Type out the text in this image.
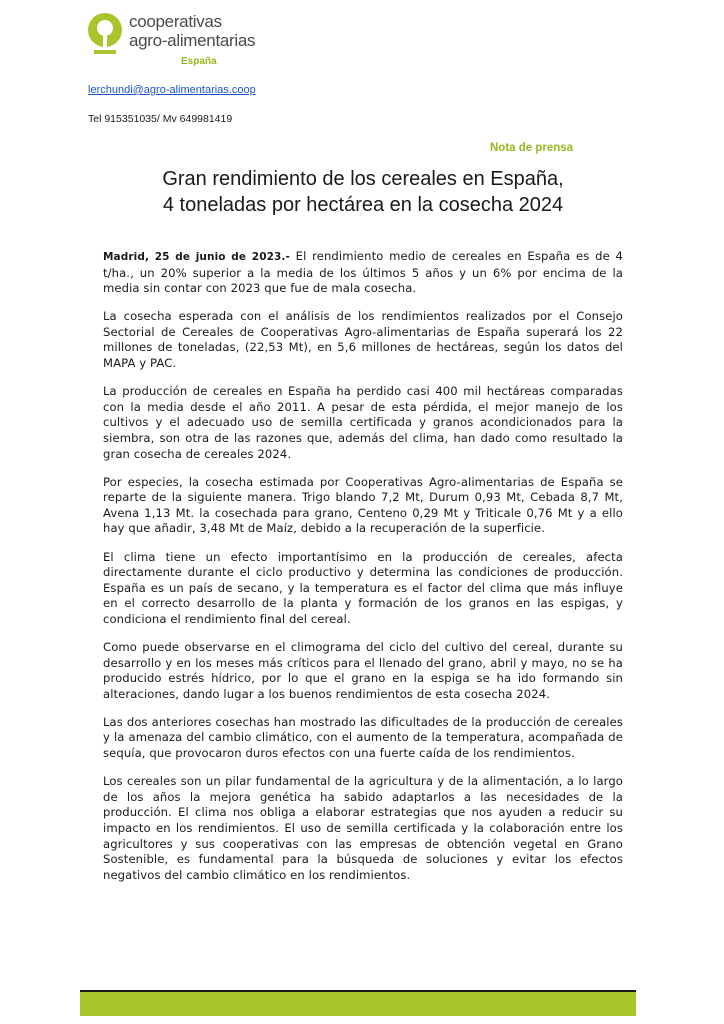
cooperativas
agro-alimentarias
España
lerchundi@agro-alimentarias.coop
Tel 915351035/ Mv 649981419
Nota de prensa
Gran rendimiento de los cereales en España,
4 toneladas por hectárea en la cosecha 2024

Madrid, 25 de junio de 2023.- El rendimiento medio de cereales en España es de 4 t/ha., un 20% superior a la media de los últimos 5 años y un 6% por encima de la media sin contar con 2023 que fue de mala cosecha.

La cosecha esperada con el análisis de los rendimientos realizados por el Consejo Sectorial de Cereales de Cooperativas Agro-alimentarias de España superará los 22 millones de toneladas, (22,53 Mt), en 5,6 millones de hectáreas, según los datos del MAPA y PAC.

La producción de cereales en España ha perdido casi 400 mil hectáreas comparadas con la media desde el año 2011. A pesar de esta pérdida, el mejor manejo de los cultivos y el adecuado uso de semilla certificada y granos acondicionados para la siembra, son otra de las razones que, además del clima, han dado como resultado la gran cosecha de cereales 2024.

Por especies, la cosecha estimada por Cooperativas Agro-alimentarias de España se reparte de la siguiente manera. Trigo blando 7,2 Mt, Durum 0,93 Mt, Cebada 8,7 Mt, Avena 1,13 Mt. la cosechada para grano, Centeno 0,29 Mt y Triticale 0,76 Mt y a ello hay que añadir, 3,48 Mt de Maíz, debido a la recuperación de la superficie.

El clima tiene un efecto importantísimo en la producción de cereales, afecta directamente durante el ciclo productivo y determina las condiciones de producción. España es un país de secano, y la temperatura es el factor del clima que más influye en el correcto desarrollo de la planta y formación de los granos en las espigas, y condiciona el rendimiento final del cereal.

Como puede observarse en el climograma del ciclo del cultivo del cereal, durante su desarrollo y en los meses más críticos para el llenado del grano, abril y mayo, no se ha producido estrés hídrico, por lo que el grano en la espiga se ha ido formando sin alteraciones, dando lugar a los buenos rendimientos de esta cosecha 2024.

Las dos anteriores cosechas han mostrado las dificultades de la producción de cereales y la amenaza del cambio climático, con el aumento de la temperatura, acompañada de sequía, que provocaron duros efectos con una fuerte caída de los rendimientos.

Los cereales son un pilar fundamental de la agricultura y de la alimentación, a lo largo de los años la mejora genética ha sabido adaptarlos a las necesidades de la producción. El clima nos obliga a elaborar estrategias que nos ayuden a reducir su impacto en los rendimientos. El uso de semilla certificada y la colaboración entre los agricultores y sus cooperativas con las empresas de obtención vegetal en Grano Sostenible, es fundamental para la búsqueda de soluciones y evitar los efectos negativos del cambio climático en los rendimientos.
